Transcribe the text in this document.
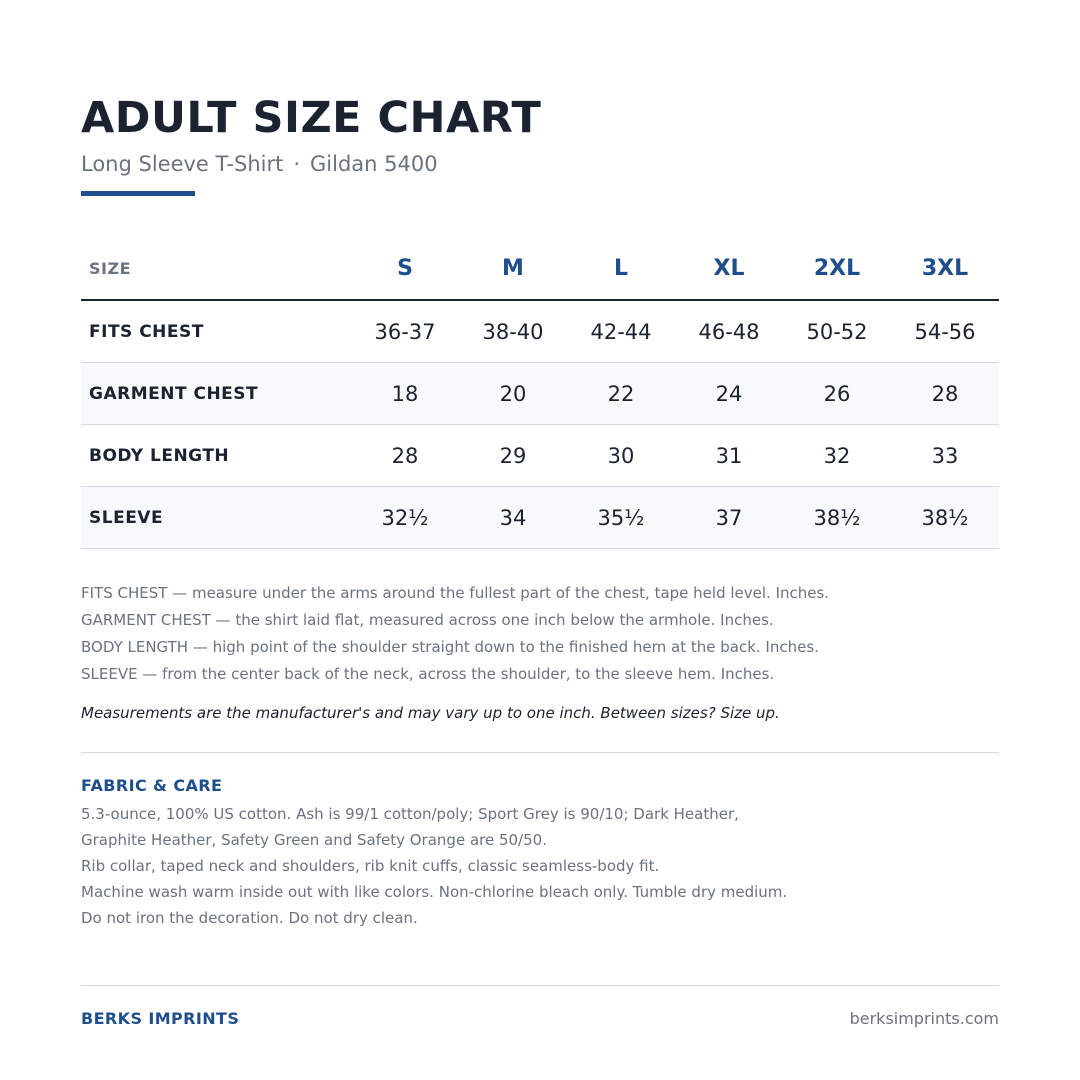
ADULT SIZE CHART
Long Sleeve T-Shirt · Gildan 5400
SIZE	S	M	L	XL	2XL	3XL
FITS CHEST	36-37	38-40	42-44	46-48	50-52	54-56
GARMENT CHEST	18	20	22	24	26	28
BODY LENGTH	28	29	30	31	32	33
SLEEVE	32½	34	35½	37	38½	38½
FITS CHEST — measure under the arms around the fullest part of the chest, tape held level. Inches.
GARMENT CHEST — the shirt laid flat, measured across one inch below the armhole. Inches.
BODY LENGTH — high point of the shoulder straight down to the finished hem at the back. Inches.
SLEEVE — from the center back of the neck, across the shoulder, to the sleeve hem. Inches.
Measurements are the manufacturer's and may vary up to one inch. Between sizes? Size up.
FABRIC & CARE
5.3-ounce, 100% US cotton. Ash is 99/1 cotton/poly; Sport Grey is 90/10; Dark Heather,
Graphite Heather, Safety Green and Safety Orange are 50/50.
Rib collar, taped neck and shoulders, rib knit cuffs, classic seamless-body fit.
Machine wash warm inside out with like colors. Non-chlorine bleach only. Tumble dry medium.
Do not iron the decoration. Do not dry clean.
BERKS IMPRINTS	berksimprints.com
